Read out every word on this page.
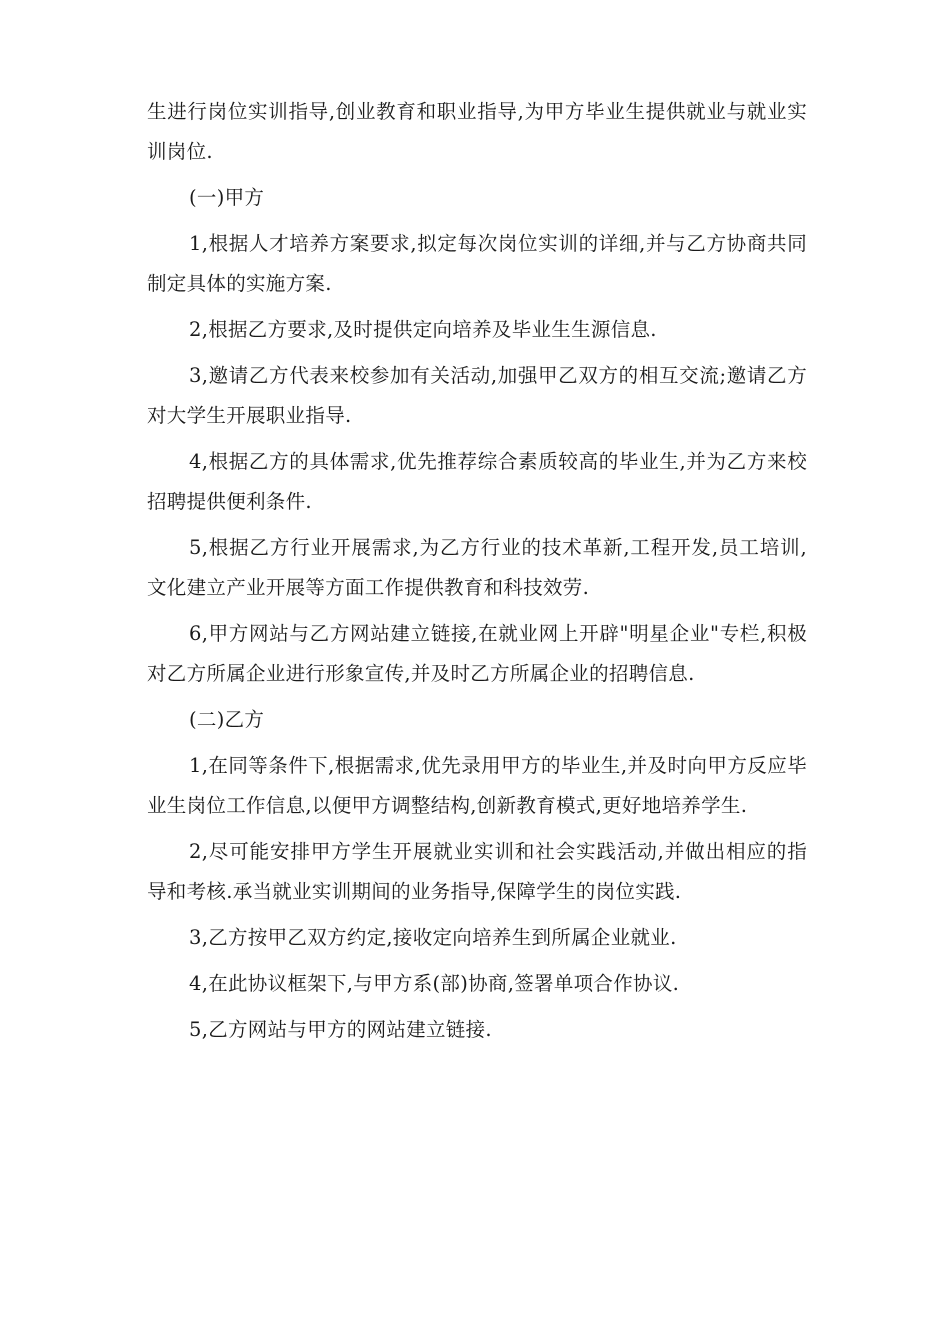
生进行岗位实训指导,创业教育和职业指导,为甲方毕业生提供就业与就业实训岗位.

(一)甲方

1,根据人才培养方案要求,拟定每次岗位实训的详细,并与乙方协商共同制定具体的实施方案.

2,根据乙方要求,及时提供定向培养及毕业生生源信息.

3,邀请乙方代表来校参加有关活动,加强甲乙双方的相互交流;邀请乙方对大学生开展职业指导.

4,根据乙方的具体需求,优先推荐综合素质较高的毕业生,并为乙方来校招聘提供便利条件.

5,根据乙方行业开展需求,为乙方行业的技术革新,工程开发,员工培训,文化建立产业开展等方面工作提供教育和科技效劳.

6,甲方网站与乙方网站建立链接,在就业网上开辟"明星企业"专栏,积极对乙方所属企业进行形象宣传,并及时乙方所属企业的招聘信息.

(二)乙方

1,在同等条件下,根据需求,优先录用甲方的毕业生,并及时向甲方反应毕业生岗位工作信息,以便甲方调整结构,创新教育模式,更好地培养学生.

2,尽可能安排甲方学生开展就业实训和社会实践活动,并做出相应的指导和考核.承当就业实训期间的业务指导,保障学生的岗位实践.

3,乙方按甲乙双方约定,接收定向培养生到所属企业就业.

4,在此协议框架下,与甲方系(部)协商,签署单项合作协议.

5,乙方网站与甲方的网站建立链接.
